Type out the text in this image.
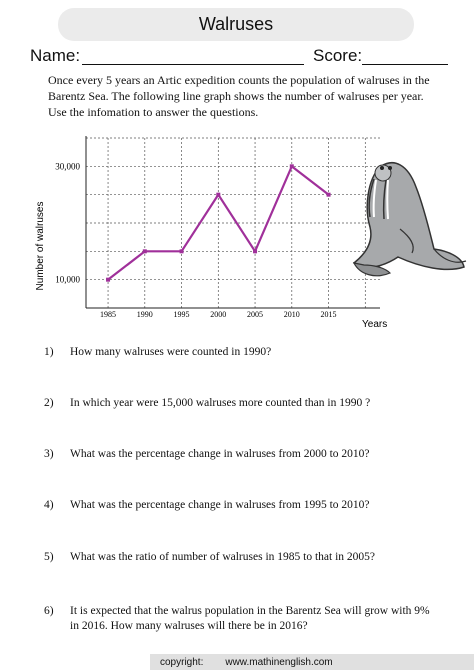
Walruses
Name:	Score:
Once every 5 years an Artic expedition counts the population of walruses in the Barentz Sea. The following line graph shows the number of walruses per year. Use the infomation to answer the questions.
1985	1990	1995	2000	2005	2010	2015
10,000
30,000
Number of walruses
Years
1) How many walruses were counted in 1990?
2) In which year were 15,000 walruses more counted than in 1990 ?
3) What was the percentage change in walruses from 2000 to 2010?
4) What was the percentage change in walruses from 1995 to 2010?
5) What was the ratio of number of walruses in 1985 to that in 2005?
6) It is expected that the walrus population in the Barentz Sea will grow with 9% in 2016. How many walruses will there be in 2016?
copyright: www.mathinenglish.com
